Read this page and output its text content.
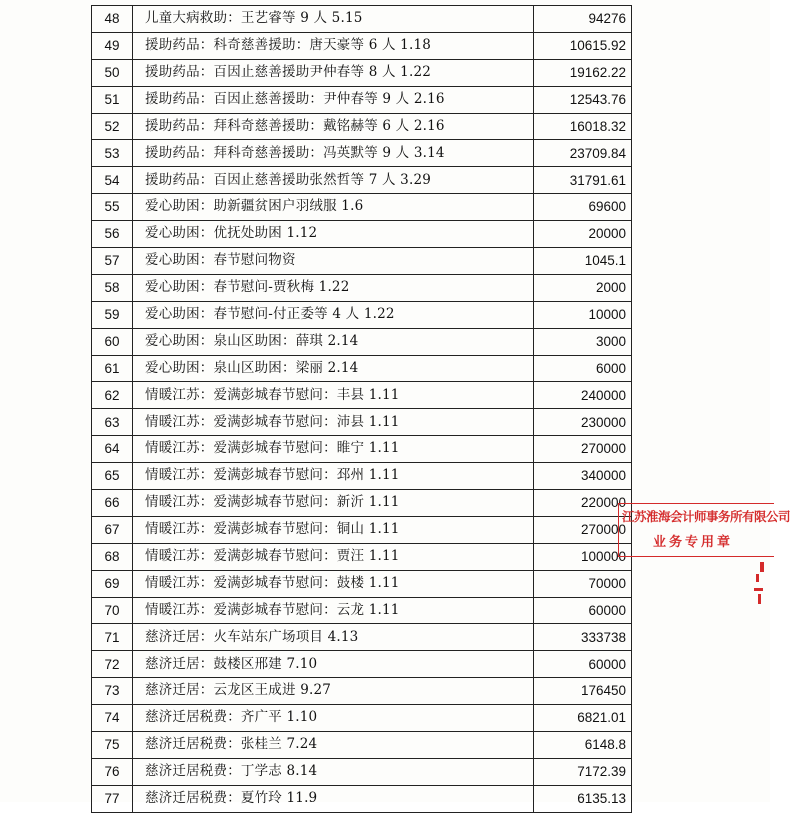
48	儿童大病救助：王艺睿等 9 人 5.15	94276
49	援助药品：科奇慈善援助：唐天豪等 6 人 1.18	10615.92
50	援助药品：百因止慈善援助尹仲春等 8 人 1.22	19162.22
51	援助药品：百因止慈善援助：尹仲春等 9 人 2.16	12543.76
52	援助药品：拜科奇慈善援助：戴铭赫等 6 人 2.16	16018.32
53	援助药品：拜科奇慈善援助：冯英默等 9 人 3.14	23709.84
54	援助药品：百因止慈善援助张然哲等 7 人 3.29	31791.61
55	爱心助困：助新疆贫困户羽绒服 1.6	69600
56	爱心助困：优抚处助困 1.12	20000
57	爱心助困：春节慰问物资	1045.1
58	爱心助困：春节慰问-贾秋梅 1.22	2000
59	爱心助困：春节慰问-付正委等 4 人 1.22	10000
60	爱心助困：泉山区助困：薛琪 2.14	3000
61	爱心助困：泉山区助困：梁丽 2.14	6000
62	情暖江苏：爱满彭城春节慰问：丰县 1.11	240000
63	情暖江苏：爱满彭城春节慰问：沛县 1.11	230000
64	情暖江苏：爱满彭城春节慰问：睢宁 1.11	270000
65	情暖江苏：爱满彭城春节慰问：邳州 1.11	340000
66	情暖江苏：爱满彭城春节慰问：新沂 1.11	220000
67	情暖江苏：爱满彭城春节慰问：铜山 1.11	270000
68	情暖江苏：爱满彭城春节慰问：贾汪 1.11	100000
69	情暖江苏：爱满彭城春节慰问：鼓楼 1.11	70000
70	情暖江苏：爱满彭城春节慰问：云龙 1.11	60000
71	慈济迁居：火车站东广场项目 4.13	333738
72	慈济迁居：鼓楼区邢建 7.10	60000
73	慈济迁居：云龙区王成进 9.27	176450
74	慈济迁居税费：齐广平 1.10	6821.01
75	慈济迁居税费：张桂兰 7.24	6148.8
76	慈济迁居税费：丁学志 8.14	7172.39
77	慈济迁居税费：夏竹玲 11.9	6135.13
江苏淮海会计师事务所有限公司
业务专用章
